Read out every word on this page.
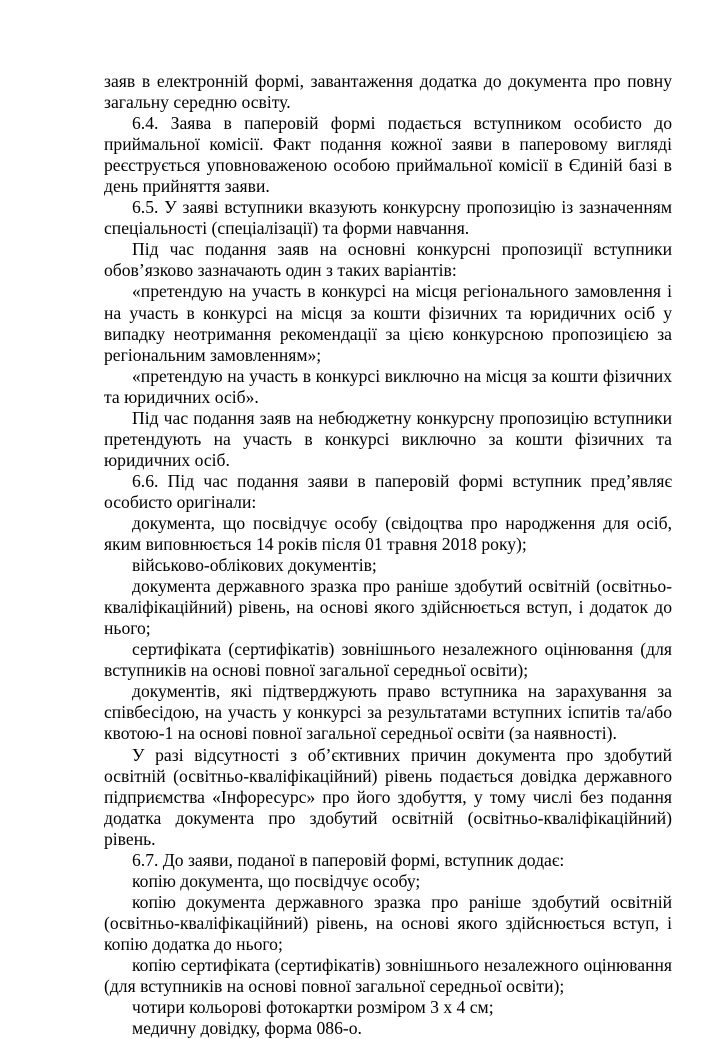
заяв в електронній формі, завантаження додатка до документа про повну загальну середню освіту.

6.4. Заява в паперовій формі подається вступником особисто до приймальної комісії. Факт подання кожної заяви в паперовому вигляді реєструється уповноваженою особою приймальної комісії в Єдиній базі в день прийняття заяви.

6.5. У заяві вступники вказують конкурсну пропозицію із зазначенням спеціальності (спеціалізації) та форми навчання.

Під час подання заяв на основні конкурсні пропозиції вступники обов’язково зазначають один з таких варіантів:

«претендую на участь в конкурсі на місця регіонального замовлення і на участь в конкурсі на місця за кошти фізичних та юридичних осіб у випадку неотримання рекомендації за цією конкурсною пропозицією за регіональним замовленням»;

«претендую на участь в конкурсі виключно на місця за кошти фізичних та юридичних осіб».

Під час подання заяв на небюджетну конкурсну пропозицію вступники претендують на участь в конкурсі виключно за кошти фізичних та юридичних осіб.

6.6. Під час подання заяви в паперовій формі вступник пред’являє особисто оригінали:

документа, що посвідчує особу (свідоцтва про народження для осіб, яким виповнюється 14 років після 01 травня 2018 року);

військово-облікових документів;

документа державного зразка про раніше здобутий освітній (освітньо-кваліфікаційний) рівень, на основі якого здійснюється вступ, і додаток до нього;

сертифіката (сертифікатів) зовнішнього незалежного оцінювання (для вступників на основі повної загальної середньої освіти);

документів, які підтверджують право вступника на зарахування за співбесідою, на участь у конкурсі за результатами вступних іспитів та/або квотою-1 на основі повної загальної середньої освіти (за наявності).

У разі відсутності з об’єктивних причин документа про здобутий освітній (освітньо-кваліфікаційний) рівень подається довідка державного підприємства «Інфоресурс» про його здобуття, у тому числі без подання додатка документа про здобутий освітній (освітньо-кваліфікаційний) рівень.

6.7. До заяви, поданої в паперовій формі, вступник додає:

копію документа, що посвідчує особу;

копію документа державного зразка про раніше здобутий освітній (освітньо-кваліфікаційний) рівень, на основі якого здійснюється вступ, і копію додатка до нього;

копію сертифіката (сертифікатів) зовнішнього незалежного оцінювання (для вступників на основі повної загальної середньої освіти);

чотири кольорові фотокартки розміром 3 х 4 см;

медичну довідку, форма 086-о.
